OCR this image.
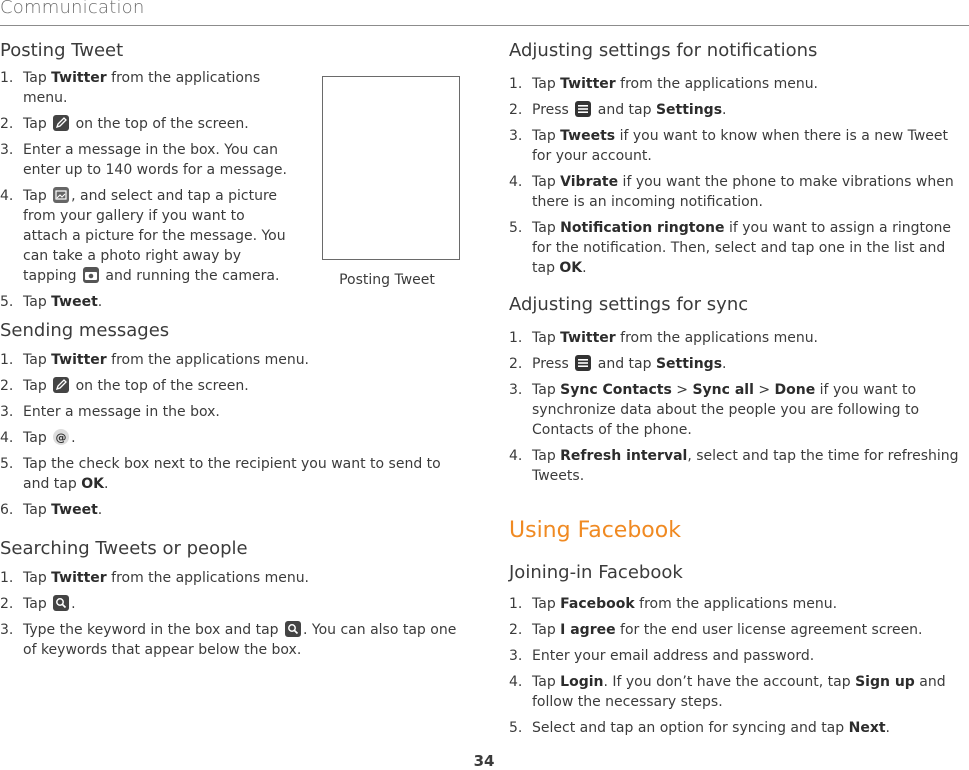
Communication
Posting Tweet
1. Tap Twitter from the applications menu.
2. Tap
on the top of the screen.
3. Enter a message in the box. You can enter up to 140 words for a message.
4. Tap
, and select and tap a picture from your gallery if you want to attach a picture for the message. You can take a photo right away by tapping
and running the camera.
5. Tap Tweet.
Sending messages
1. Tap Twitter from the applications menu.
2. Tap
on the top of the screen.
3. Enter a message in the box.
4. Tap @ .
5. Tap the check box next to the recipient you want to send to and tap OK.
6. Tap Tweet.
Searching Tweets or people
1. Tap Twitter from the applications menu.
2. Tap
.
3. Type the keyword in the box and tap
. You can also tap one of keywords that appear below the box.
Posting Tweet
Adjusting settings for notifications
1. Tap Twitter from the applications menu.
2. Press
and tap Settings.
3. Tap Tweets if you want to know when there is a new Tweet for your account.
4. Tap Vibrate if you want the phone to make vibrations when there is an incoming notification.
5. Tap Notification ringtone if you want to assign a ringtone for the notification. Then, select and tap one in the list and tap OK.
Adjusting settings for sync
1. Tap Twitter from the applications menu.
2. Press
and tap Settings.
3. Tap Sync Contacts > Sync all > Done if you want to synchronize data about the people you are following to Contacts of the phone.
4. Tap Refresh interval, select and tap the time for refreshing Tweets.
Using Facebook
Joining-in Facebook
1. Tap Facebook from the applications menu.
2. Tap I agree for the end user license agreement screen.
3. Enter your email address and password.
4. Tap Login. If you don’t have the account, tap Sign up and follow the necessary steps.
5. Select and tap an option for syncing and tap Next.
34
